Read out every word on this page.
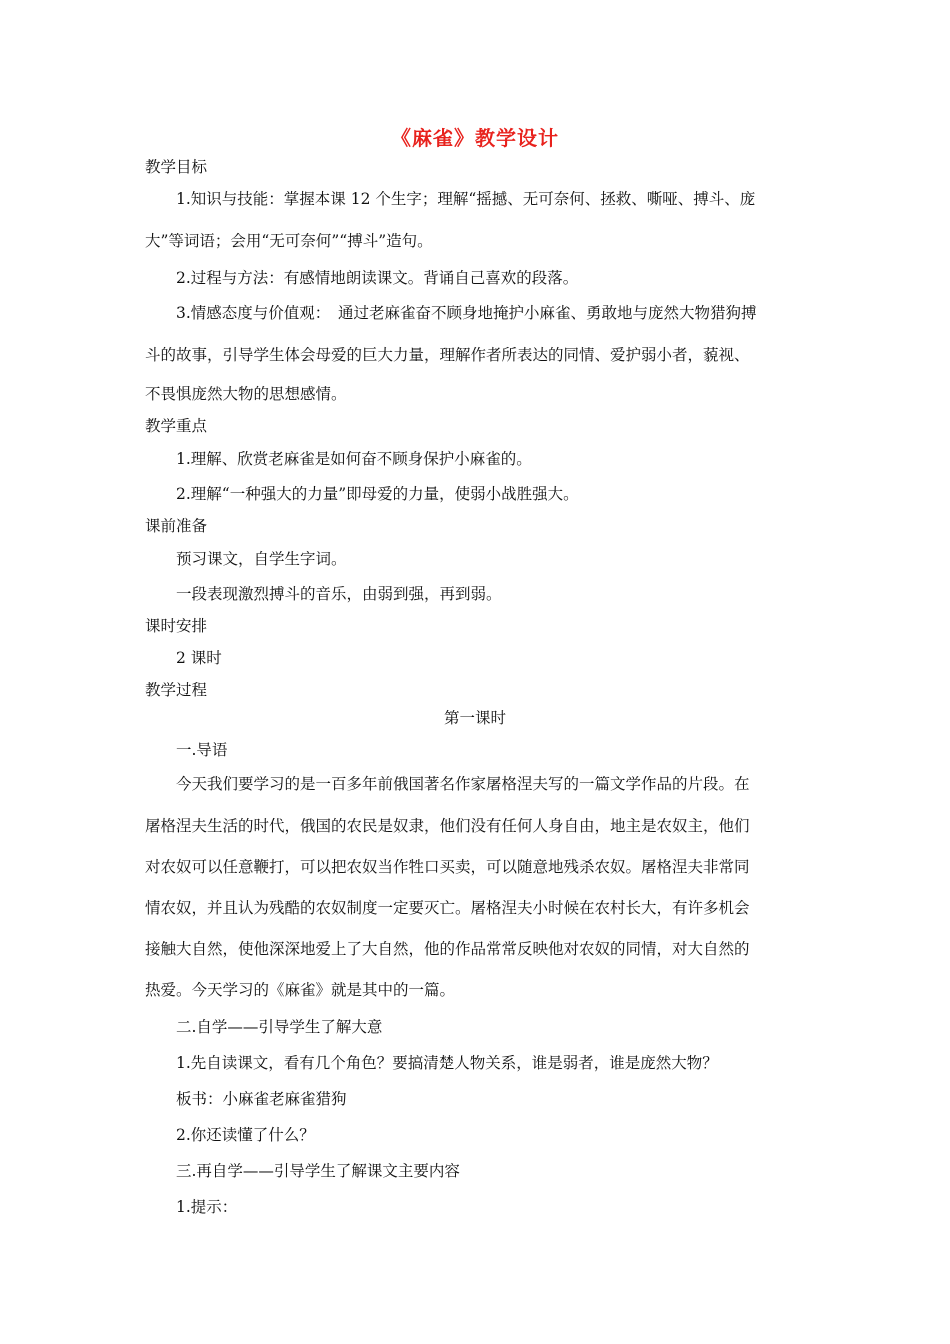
《麻雀》教学设计
教学目标
1.知识与技能：掌握本课 12 个生字；理解“摇撼、无可奈何、拯救、嘶哑、搏斗、庞
大”等词语；会用“无可奈何”“搏斗”造句。
2.过程与方法：有感情地朗读课文。背诵自己喜欢的段落。
3.情感态度与价值观：　通过老麻雀奋不顾身地掩护小麻雀、勇敢地与庞然大物猎狗搏
斗的故事，引导学生体会母爱的巨大力量，理解作者所表达的同情、爱护弱小者，藐视、
不畏惧庞然大物的思想感情。
教学重点
1.理解、欣赏老麻雀是如何奋不顾身保护小麻雀的。
2.理解“一种强大的力量”即母爱的力量，使弱小战胜强大。
课前准备
预习课文，自学生字词。
一段表现激烈搏斗的音乐，由弱到强，再到弱。
课时安排
2 课时
教学过程
第一课时
一.导语
今天我们要学习的是一百多年前俄国著名作家屠格涅夫写的一篇文学作品的片段。在
屠格涅夫生活的时代，俄国的农民是奴隶，他们没有任何人身自由，地主是农奴主，他们
对农奴可以任意鞭打，可以把农奴当作牲口买卖，可以随意地残杀农奴。屠格涅夫非常同
情农奴，并且认为残酷的农奴制度一定要灭亡。屠格涅夫小时候在农村长大，有许多机会
接触大自然，使他深深地爱上了大自然，他的作品常常反映他对农奴的同情，对大自然的
热爱。今天学习的《麻雀》就是其中的一篇。
二.自学——引导学生了解大意
1.先自读课文，看有几个角色？要搞清楚人物关系，谁是弱者，谁是庞然大物？
板书：小麻雀老麻雀猎狗
2.你还读懂了什么？
三.再自学——引导学生了解课文主要内容
1.提示：
